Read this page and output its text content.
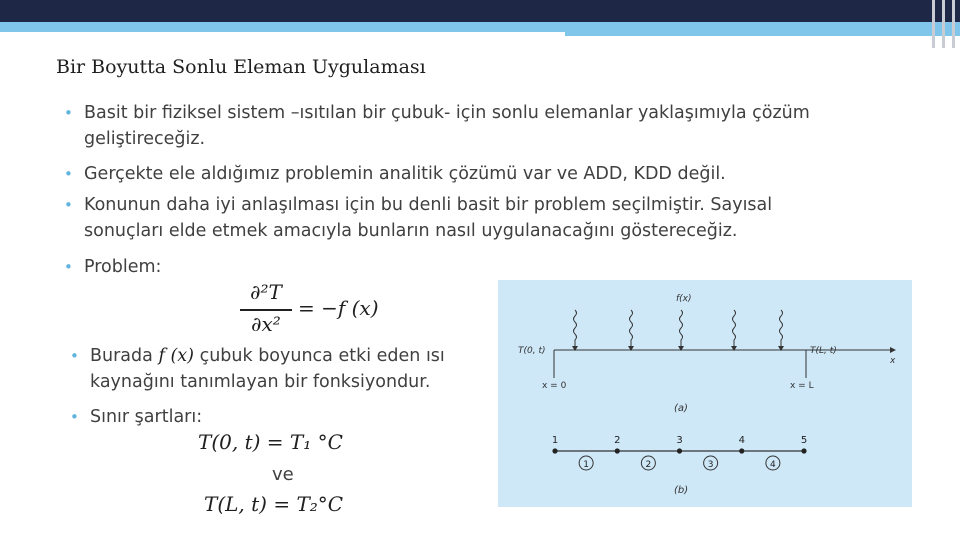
Bir Boyutta Sonlu Eleman Uygulaması
• Basit bir fiziksel sistem –ısıtılan bir çubuk- için sonlu elemanlar yaklaşımıyla çözüm
geliştireceğiz.
• Gerçekte ele aldığımız problemin analitik çözümü var ve ADD, KDD değil.
• Konunun daha iyi anlaşılması için bu denli basit bir problem seçilmiştir. Sayısal
sonuçları elde etmek amacıyla bunların nasıl uygulanacağını göstereceğiz.
• Problem:
• Burada f (x) çubuk boyunca etki eden ısı
kaynağını tanımlayan bir fonksiyondur.
• Sınır şartları:
∂²T
∂x²
= −f (x)
T(0, t) = T₁ °C
ve
T(L, t) = T₂°C
f(x)
T(0, t)	T(L, t)
x
x = 0	x = L
(a)
1	2	3	4	5
1	2	3	4
(b)
